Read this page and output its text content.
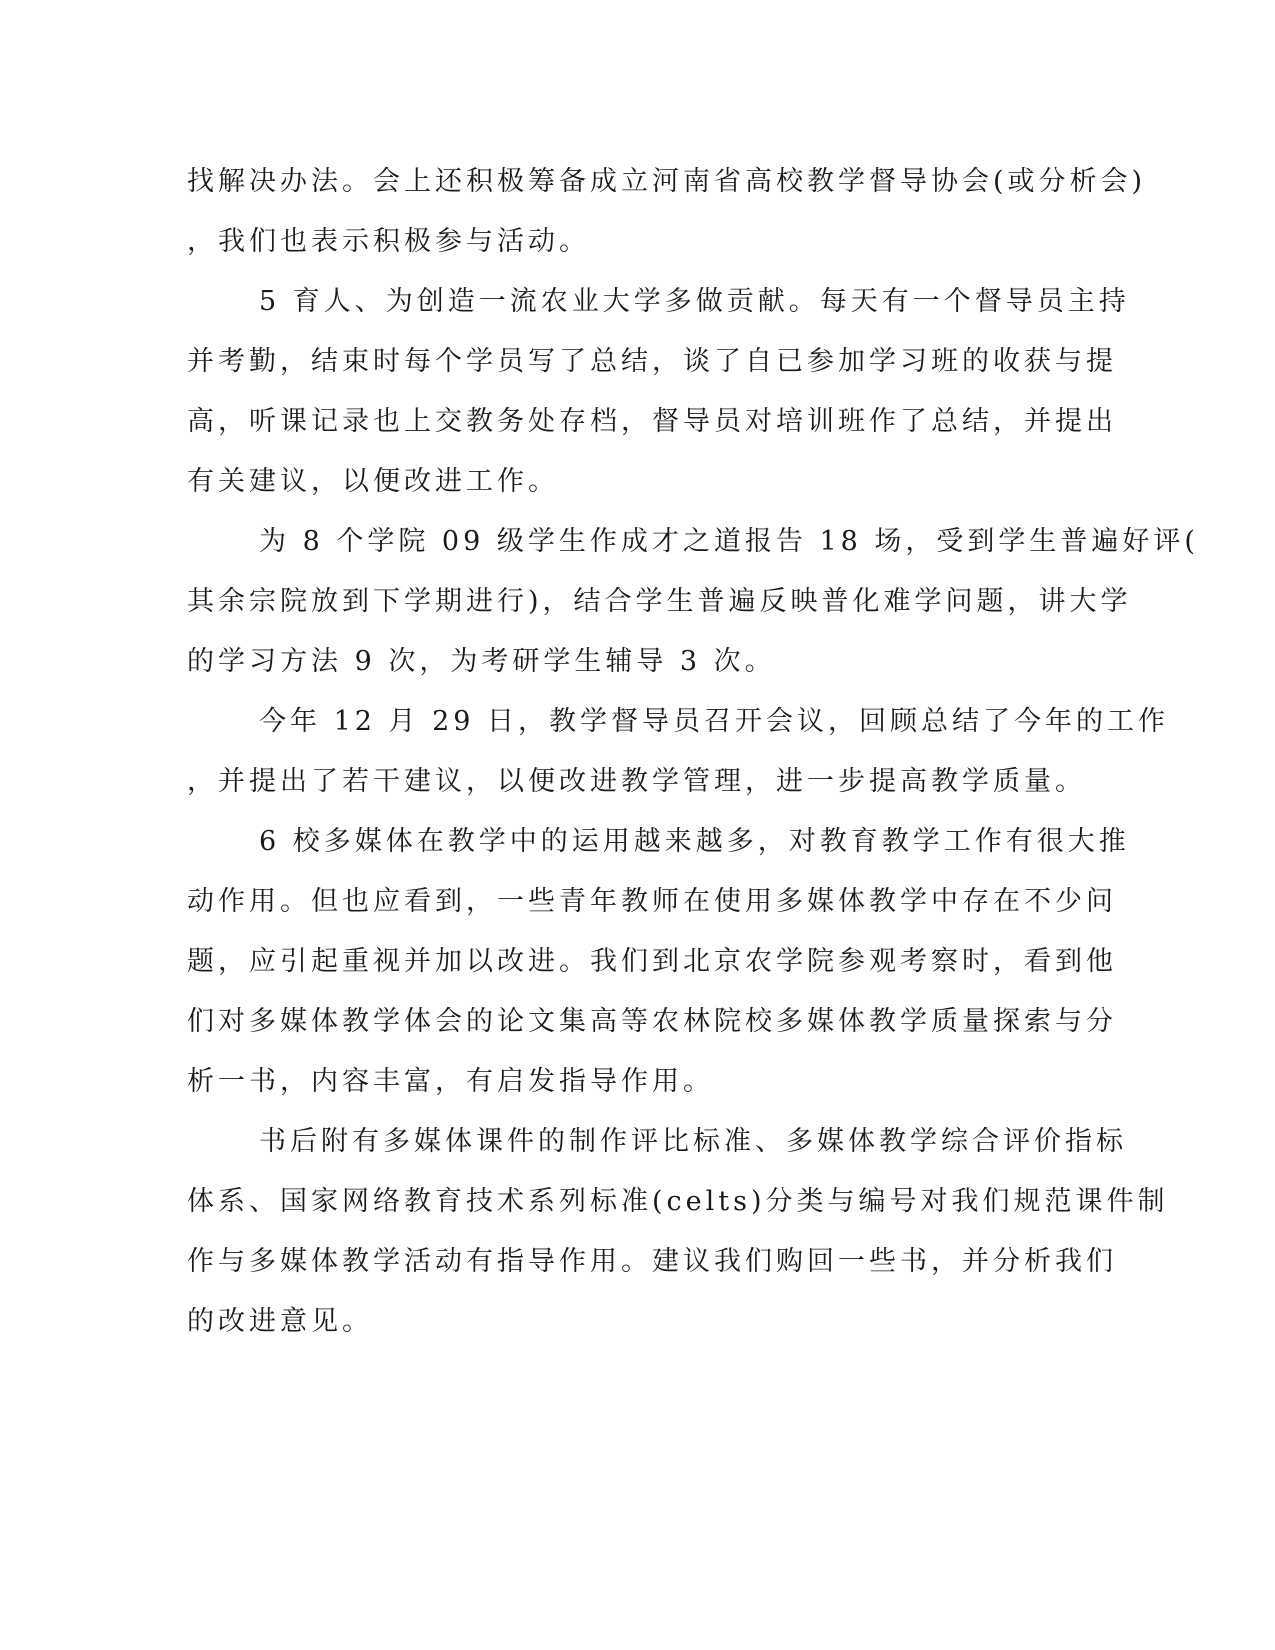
找解决办法。会上还积极筹备成立河南省高校教学督导协会(或分析会)
，我们也表示积极参与活动。
5 育人、为创造一流农业大学多做贡献。每天有一个督导员主持
并考勤，结束时每个学员写了总结，谈了自已参加学习班的收获与提
高，听课记录也上交教务处存档，督导员对培训班作了总结，并提出
有关建议，以便改进工作。
为 8 个学院 09 级学生作成才之道报告 18 场，受到学生普遍好评(
其余宗院放到下学期进行)，结合学生普遍反映普化难学问题，讲大学
的学习方法 9 次，为考研学生辅导 3 次。
今年 12 月 29 日，教学督导员召开会议，回顾总结了今年的工作
，并提出了若干建议，以便改进教学管理，进一步提高教学质量。
6 校多媒体在教学中的运用越来越多，对教育教学工作有很大推
动作用。但也应看到，一些青年教师在使用多媒体教学中存在不少问
题，应引起重视并加以改进。我们到北京农学院参观考察时，看到他
们对多媒体教学体会的论文集高等农林院校多媒体教学质量探索与分
析一书，内容丰富，有启发指导作用。
书后附有多媒体课件的制作评比标准、多媒体教学综合评价指标
体系、国家网络教育技术系列标准(celts)分类与编号对我们规范课件制
作与多媒体教学活动有指导作用。建议我们购回一些书，并分析我们
的改进意见。
